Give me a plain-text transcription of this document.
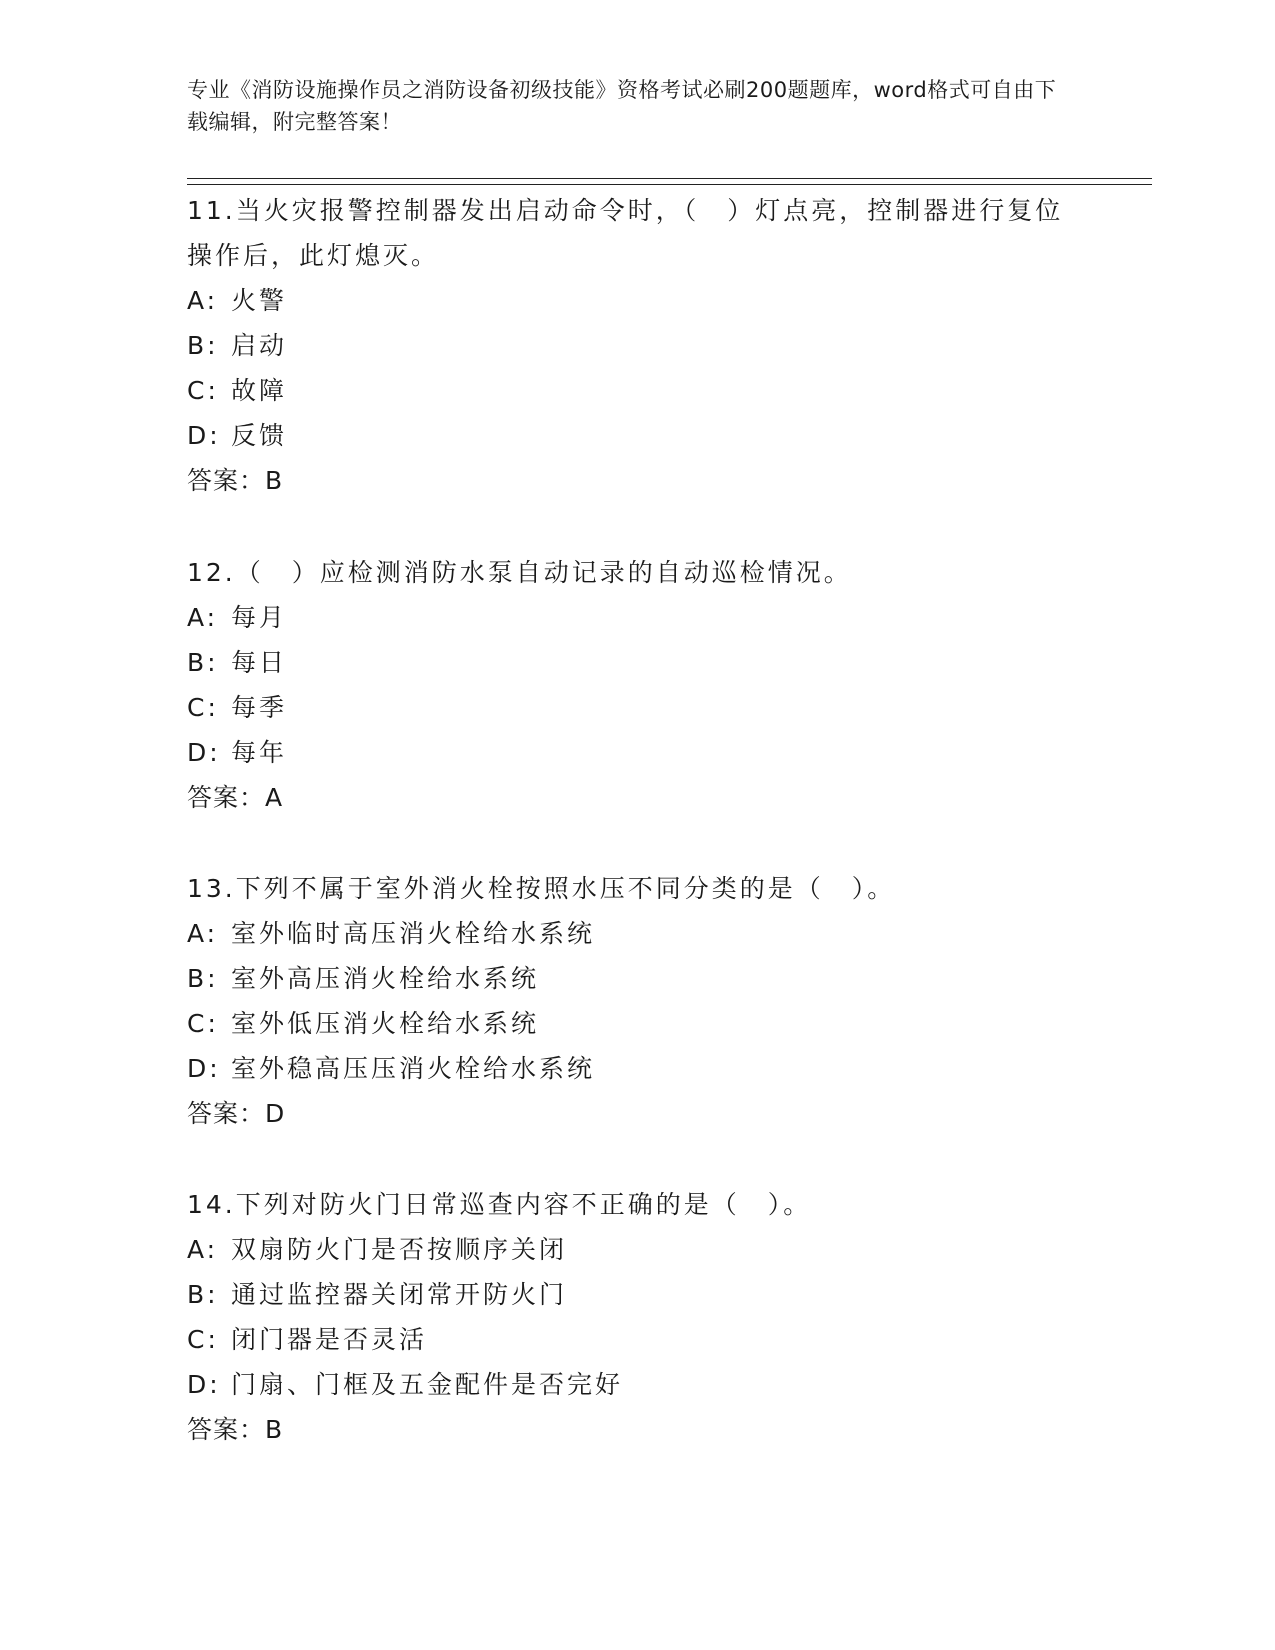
专业《消防设施操作员之消防设备初级技能》资格考试必刷200题题库，word格式可自由下载编辑，附完整答案！
11.当火灾报警控制器发出启动命令时，（　）灯点亮，控制器进行复位操作后，此灯熄灭。
A: 火警
B: 启动
C: 故障
D: 反馈
答案：B
12.（　）应检测消防水泵自动记录的自动巡检情况。
A: 每月
B: 每日
C: 每季
D: 每年
答案：A
13.下列不属于室外消火栓按照水压不同分类的是（　）。
A: 室外临时高压消火栓给水系统
B: 室外高压消火栓给水系统
C: 室外低压消火栓给水系统
D: 室外稳高压压消火栓给水系统
答案：D
14.下列对防火门日常巡查内容不正确的是（　）。
A: 双扇防火门是否按顺序关闭
B: 通过监控器关闭常开防火门
C: 闭门器是否灵活
D: 门扇、门框及五金配件是否完好
答案：B
